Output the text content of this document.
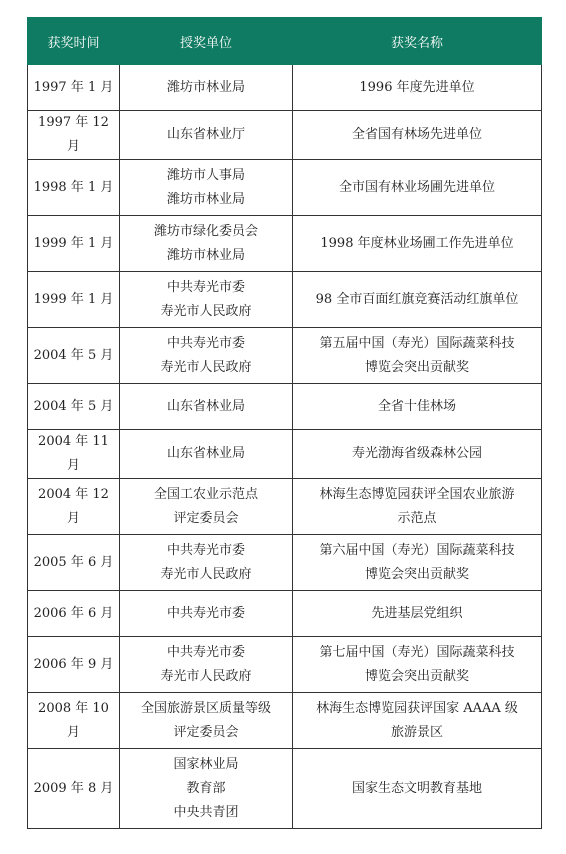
获奖时间	授奖单位	获奖名称
1997 年 1 月	潍坊市林业局	1996 年度先进单位

1997 年 12 月	山东省林业厅	全省国有林场先进单位

1998 年 1 月	潍坊市人事局
潍坊市林业局	全市国有林业场圃先进单位

1999 年 1 月	潍坊市绿化委员会
潍坊市林业局	1998 年度林业场圃工作先进单位

1999 年 1 月	中共寿光市委
寿光市人民政府	98 全市百面红旗竞赛活动红旗单位

2004 年 5 月	中共寿光市委
寿光市人民政府	第五届中国（寿光）国际蔬菜科技
博览会突出贡献奖

2004 年 5 月	山东省林业局	全省十佳林场

2004 年 11 月	山东省林业局	寿光渤海省级森林公园

2004 年 12 月	全国工农业示范点
评定委员会	林海生态博览园获评全国农业旅游
示范点

2005 年 6 月	中共寿光市委
寿光市人民政府	第六届中国（寿光）国际蔬菜科技
博览会突出贡献奖

2006 年 6 月	中共寿光市委	先进基层党组织

2006 年 9 月	中共寿光市委
寿光市人民政府	第七届中国（寿光）国际蔬菜科技
博览会突出贡献奖

2008 年 10 月	全国旅游景区质量等级
评定委员会	林海生态博览园获评国家 AAAA 级
旅游景区

2009 年 8 月	国家林业局
教育部
中央共青团	国家生态文明教育基地
